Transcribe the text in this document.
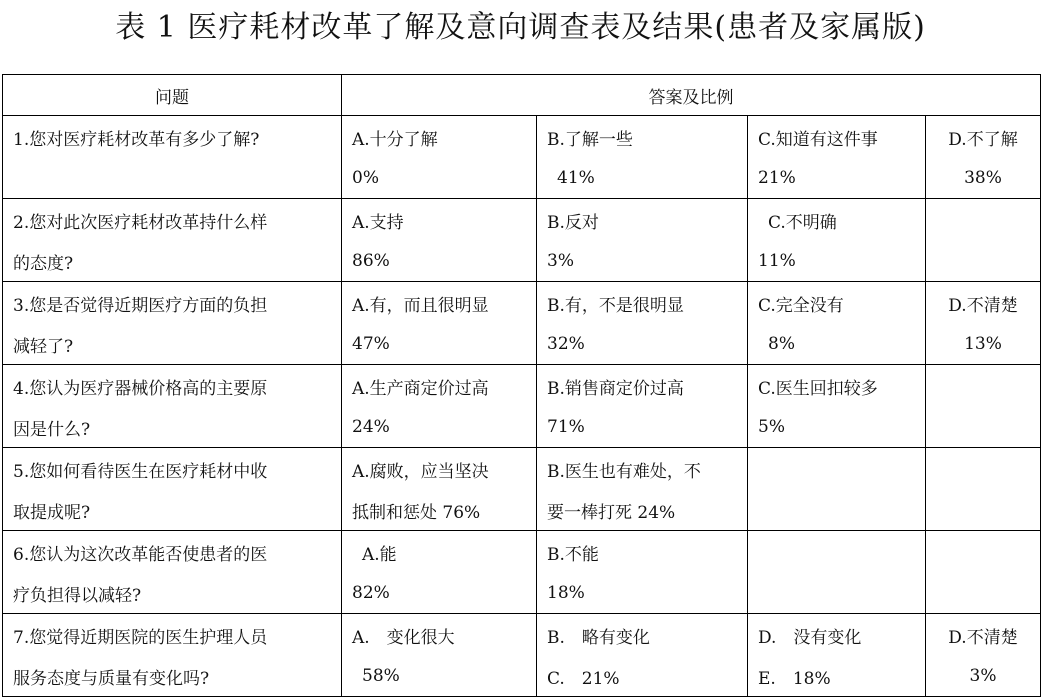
表 1 医疗耗材改革了解及意向调查表及结果(患者及家属版)
问题	答案及比例			
1.您对医疗耗材改革有多少了解?	A.十分了解	B.了解一些	C.知道有这件事	D.不了解
	0%	41%	21%	38%
2.您对此次医疗耗材改革持什么样	A.支持	B.反对	C.不明确	
的态度?	86%	3%	11%	
3.您是否觉得近期医疗方面的负担	A.有，而且很明显	B.有，不是很明显	C.完全没有	D.不清楚
减轻了?	47%	32%	8%	13%
4.您认为医疗器械价格高的主要原	A.生产商定价过高	B.销售商定价过高	C.医生回扣较多	
因是什么?	24%	71%	5%	
5.您如何看待医生在医疗耗材中收	A.腐败，应当坚决	B.医生也有难处，不		
取提成呢?	抵制和惩处 76%	要一棒打死 24%		
6.您认为这次改革能否使患者的医	A.能	B.不能		
疗负担得以减轻?	82%	18%		
7.您觉得近期医院的医生护理人员	A.　变化很大	B.　略有变化	D.　没有变化	D.不清楚
服务态度与质量有变化吗?	58%	C.　21%	E.　18%	3%
